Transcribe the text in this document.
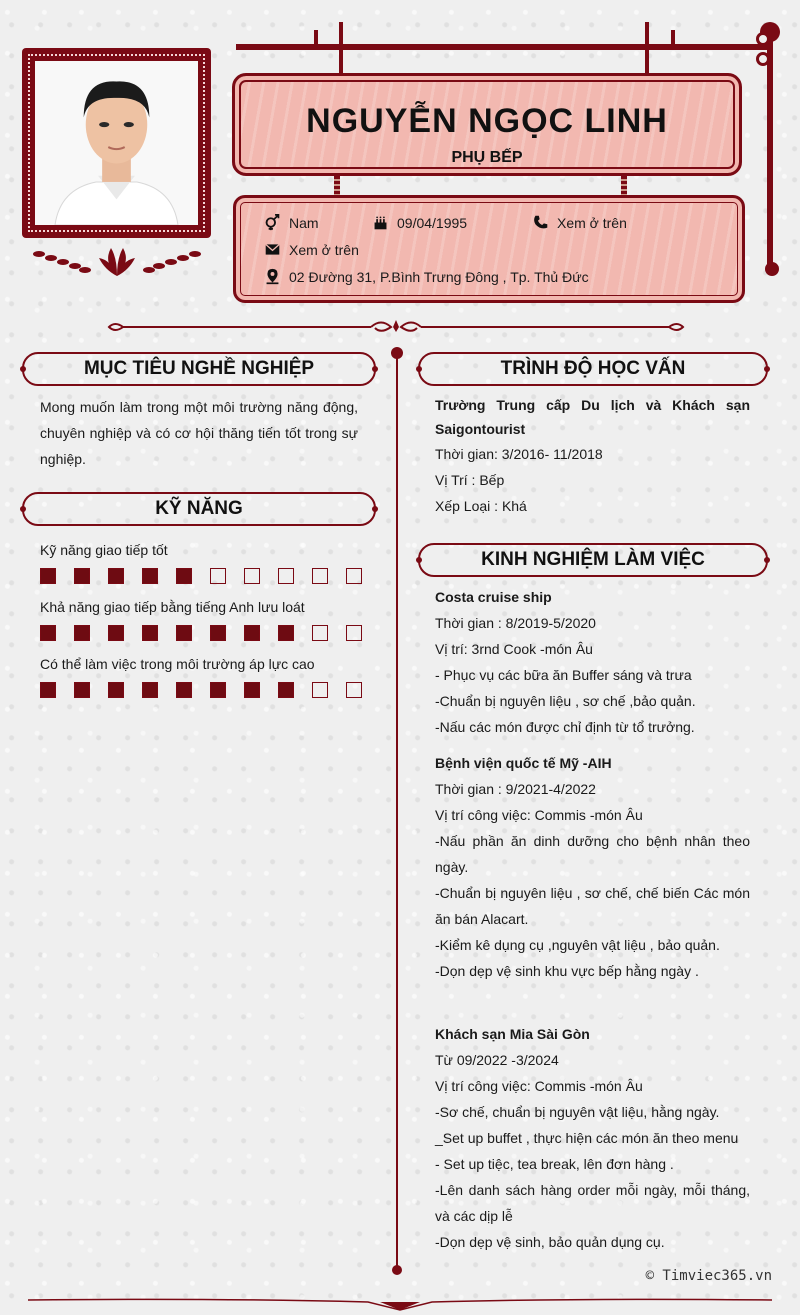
NGUYỄN NGỌC LINH
PHỤ BẾP
Nam	09/04/1995	Xem ở trên
Xem ở trên
02 Đường 31, P.Bình Trưng Đông , Tp. Thủ Đức
MỤC TIÊU NGHỀ NGHIỆP
Mong muốn làm trong một môi trường năng động, chuyên nghiệp và có cơ hội thăng tiến tốt trong sự nghiệp.
KỸ NĂNG
Kỹ năng giao tiếp tốt
Khả năng giao tiếp bằng tiếng Anh lưu loát
Có thể làm việc trong môi trường áp lực cao
TRÌNH ĐỘ HỌC VẤN
Trường Trung cấp Du lịch và Khách sạn Saigontourist
Thời gian: 3/2016- 11/2018
Vị Trí : Bếp
Xếp Loại : Khá
KINH NGHIỆM LÀM VIỆC
Costa cruise ship
Thời gian : 8/2019-5/2020
Vị trí: 3rnd Cook -món Âu
- Phục vụ các bữa ăn Buffer sáng và trưa
-Chuẩn bị nguyên liệu , sơ chế ,bảo quản.
-Nấu các món được chỉ định từ tổ trưởng.
Bệnh viện quốc tế Mỹ -AIH
Thời gian : 9/2021-4/2022
Vị trí công việc: Commis -món Âu
-Nấu phần ăn dinh dưỡng cho bệnh nhân theo ngày.
-Chuẩn bị nguyên liệu , sơ chế, chế biến Các món ăn bán Alacart.
-Kiểm kê dụng cụ ,nguyên vật liệu , bảo quản.
-Dọn dẹp vệ sinh khu vực bếp hằng ngày .
Khách sạn Mia Sài Gòn
Từ 09/2022 -3/2024
Vị trí công việc: Commis -món Âu
-Sơ chế, chuẩn bị nguyên vật liệu, hằng ngày.
_Set up buffet , thực hiện các món ăn theo menu
- Set up tiệc, tea break, lên đơn hàng .
-Lên danh sách hàng order mỗi ngày, mỗi tháng, và các dịp lễ
-Dọn dẹp vệ sinh, bảo quản dụng cụ.
© Timviec365.vn
